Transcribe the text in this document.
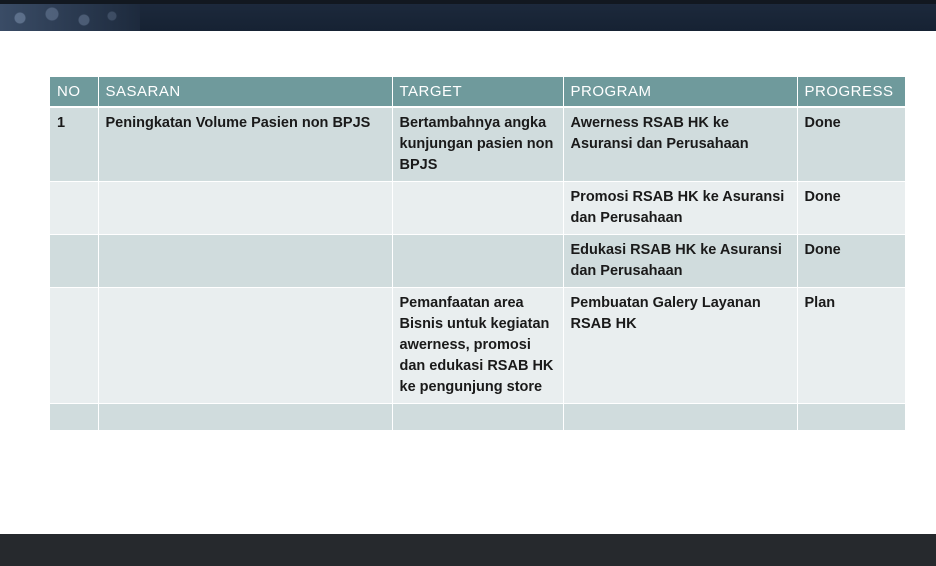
NO	SASARAN	TARGET	PROGRAM	PROGRESS
1	Peningkatan Volume Pasien non BPJS	Bertambahnya angka kunjungan pasien non BPJS	Awerness RSAB HK ke Asuransi dan Perusahaan	Done
			Promosi RSAB HK ke Asuransi dan Perusahaan	Done
			Edukasi RSAB HK ke Asuransi dan Perusahaan	Done
		Pemanfaatan area Bisnis untuk kegiatan awerness, promosi dan edukasi RSAB HK ke pengunjung store	Pembuatan Galery Layanan RSAB HK	Plan
